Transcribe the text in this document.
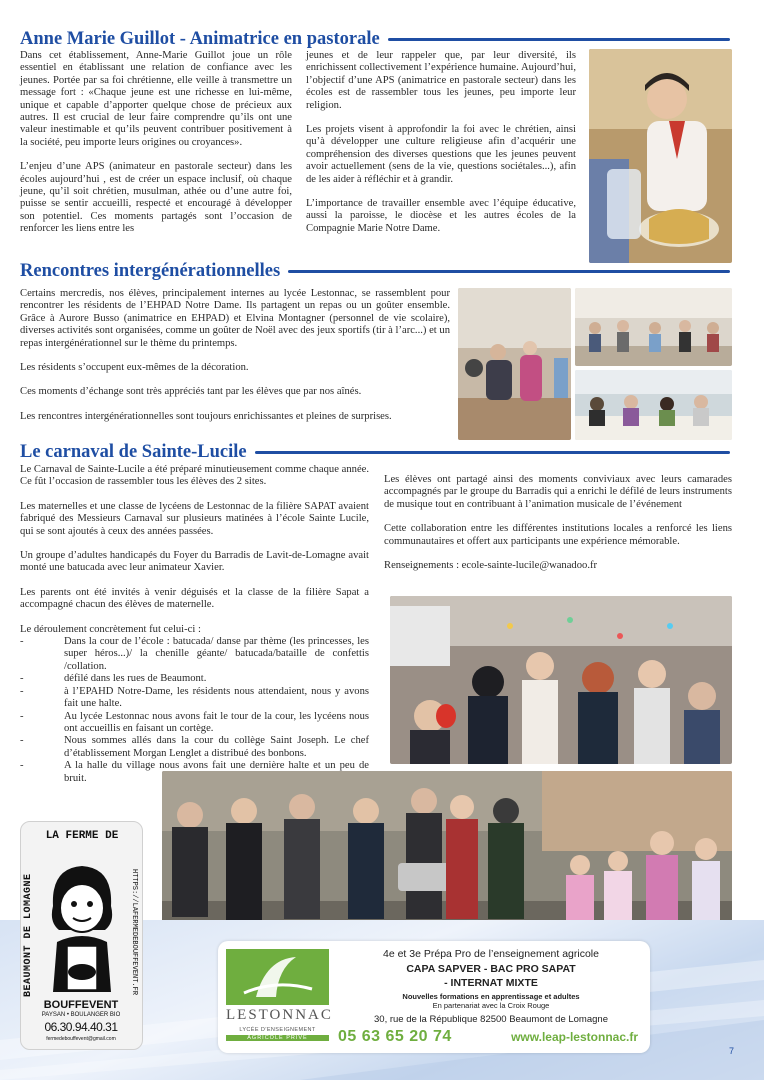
Anne Marie Guillot - Animatrice en pastorale

Dans cet établissement, Anne-Marie Guillot joue un rôle essentiel en établissant une relation de confiance avec les jeunes. Portée par sa foi chrétienne, elle veille à transmettre un message fort : «Chaque jeune est une richesse en lui-même, unique et capable d’apporter quelque chose de précieux aux autres. Il est crucial de leur faire comprendre qu’ils ont une valeur inestimable et qu’ils peuvent contribuer positivement à la société, peu importe leurs origines ou croyances».

L’enjeu d’une APS (animateur en pastorale secteur) dans les écoles aujourd’hui , est de créer un espace inclusif, où chaque jeune, qu’il soit chrétien, musulman, athée ou d’une autre foi, puisse se sentir accueilli, respecté et encouragé à développer son potentiel. Ces moments partagés sont l’occasion de renforcer les liens entre les

jeunes et de leur rappeler que, par leur diversité, ils enrichissent collectivement l’expérience humaine. Aujourd’hui, l’objectif d’une APS (animatrice en pastorale secteur) dans les écoles est de rassembler tous les jeunes, peu importe leur religion.

Les projets visent à approfondir la foi avec le chrétien, ainsi qu’à développer une culture religieuse afin d’acquérir une compréhension des diverses questions que les jeunes peuvent avoir actuellement (sens de la vie, questions sociétales...), afin de les aider à réfléchir et à grandir.

L’importance de travailler ensemble avec l’équipe éducative, aussi la paroisse, le diocèse et les autres écoles de la Compagnie Marie Notre Dame.

Rencontres intergénérationnelles

Certains mercredis, nos élèves, principalement internes au lycée Lestonnac, se rassemblent pour rencontrer les résidents de l’EHPAD Notre Dame. Ils partagent un repas ou un goûter ensemble. Grâce à Aurore Busso (animatrice en EHPAD) et Elvina Montagner (personnel de vie scolaire), diverses activités sont organisées, comme un goûter de Noël avec des jeux sportifs (tir à l’arc...) et un repas intergénérationnel sur le thème du printemps.

Les résidents s’occupent eux-mêmes de la décoration.

Ces moments d’échange sont très appréciés tant par les élèves que par nos aînés.

Les rencontres intergénérationnelles sont toujours enrichissantes et pleines de surprises.

Le carnaval de Sainte-Lucile

Le Carnaval de Sainte-Lucile a été préparé minutieusement comme chaque année. Ce fût l’occasion de rassembler tous les élèves des 2 sites.

Les maternelles et une classe de lycéens de Lestonnac de la filière SAPAT avaient fabriqué des Messieurs Carnaval sur plusieurs matinées à l’école Sainte Lucile, qui se sont ajoutés à ceux des années passées.

Un groupe d’adultes handicapés du Foyer du Barradis de Lavit-de-Lomagne avait monté une batucada avec leur animateur Xavier.

Les parents ont été invités à venir déguisés et la classe de la filière Sapat a accompagné chacun des élèves de maternelle.

Le déroulement concrètement fut celui-ci :

-	Dans la cour de l’école : batucada/ danse par thème (les princesses, les super héros...)/ la chenille géante/ batucada/bataille de confettis /collation.
-	défilé dans les rues de Beaumont.
-	à l’EPAHD Notre-Dame, les résidents nous attendaient, nous y avons fait une halte.
-	Au lycée Lestonnac nous avons fait le tour de la cour, les lycéens nous ont accueillis en faisant un cortège.
-	Nous sommes allés dans la cour du collège Saint Joseph. Le chef d’établissement Morgan Lenglet a distribué des bonbons.
-	A la halle du village nous avons fait une dernière halte et un peu de bruit.

Les élèves ont partagé ainsi des moments conviviaux avec leurs camarades accompagnés par le groupe du Barradis qui a enrichi le défilé de leurs instruments de musique tout en contribuant à l’animation musicale de l’événement

Cette collaboration entre les différentes institutions locales a renforcé les liens communautaires et offert aux participants une expérience mémorable.

Renseignements : ecole-sainte-lucile@wanadoo.fr

BEAUMONT DE LOMAGNE	HTTPS://LAFERMEDEBOUFFEVENT.FR
LA FERME DE
BOUFFEVENT
PAYSAN • BOULANGER BIO
06.30.94.40.31
fermedebouffevent@gmail.com
LESTONNAC
LYCÉE D’ENSEIGNEMENT
AGRICOLE PRIVÉ
4e et 3e Prépa Pro de l’enseignement agricole
CAPA SAPVER - BAC PRO SAPAT
- INTERNAT MIXTE
Nouvelles formations en apprentissage et adultes
En partenariat avec la Croix Rouge
30, rue de la République 82500 Beaumont de Lomagne
05 63 65 20 74	www.leap-lestonnac.fr
7
